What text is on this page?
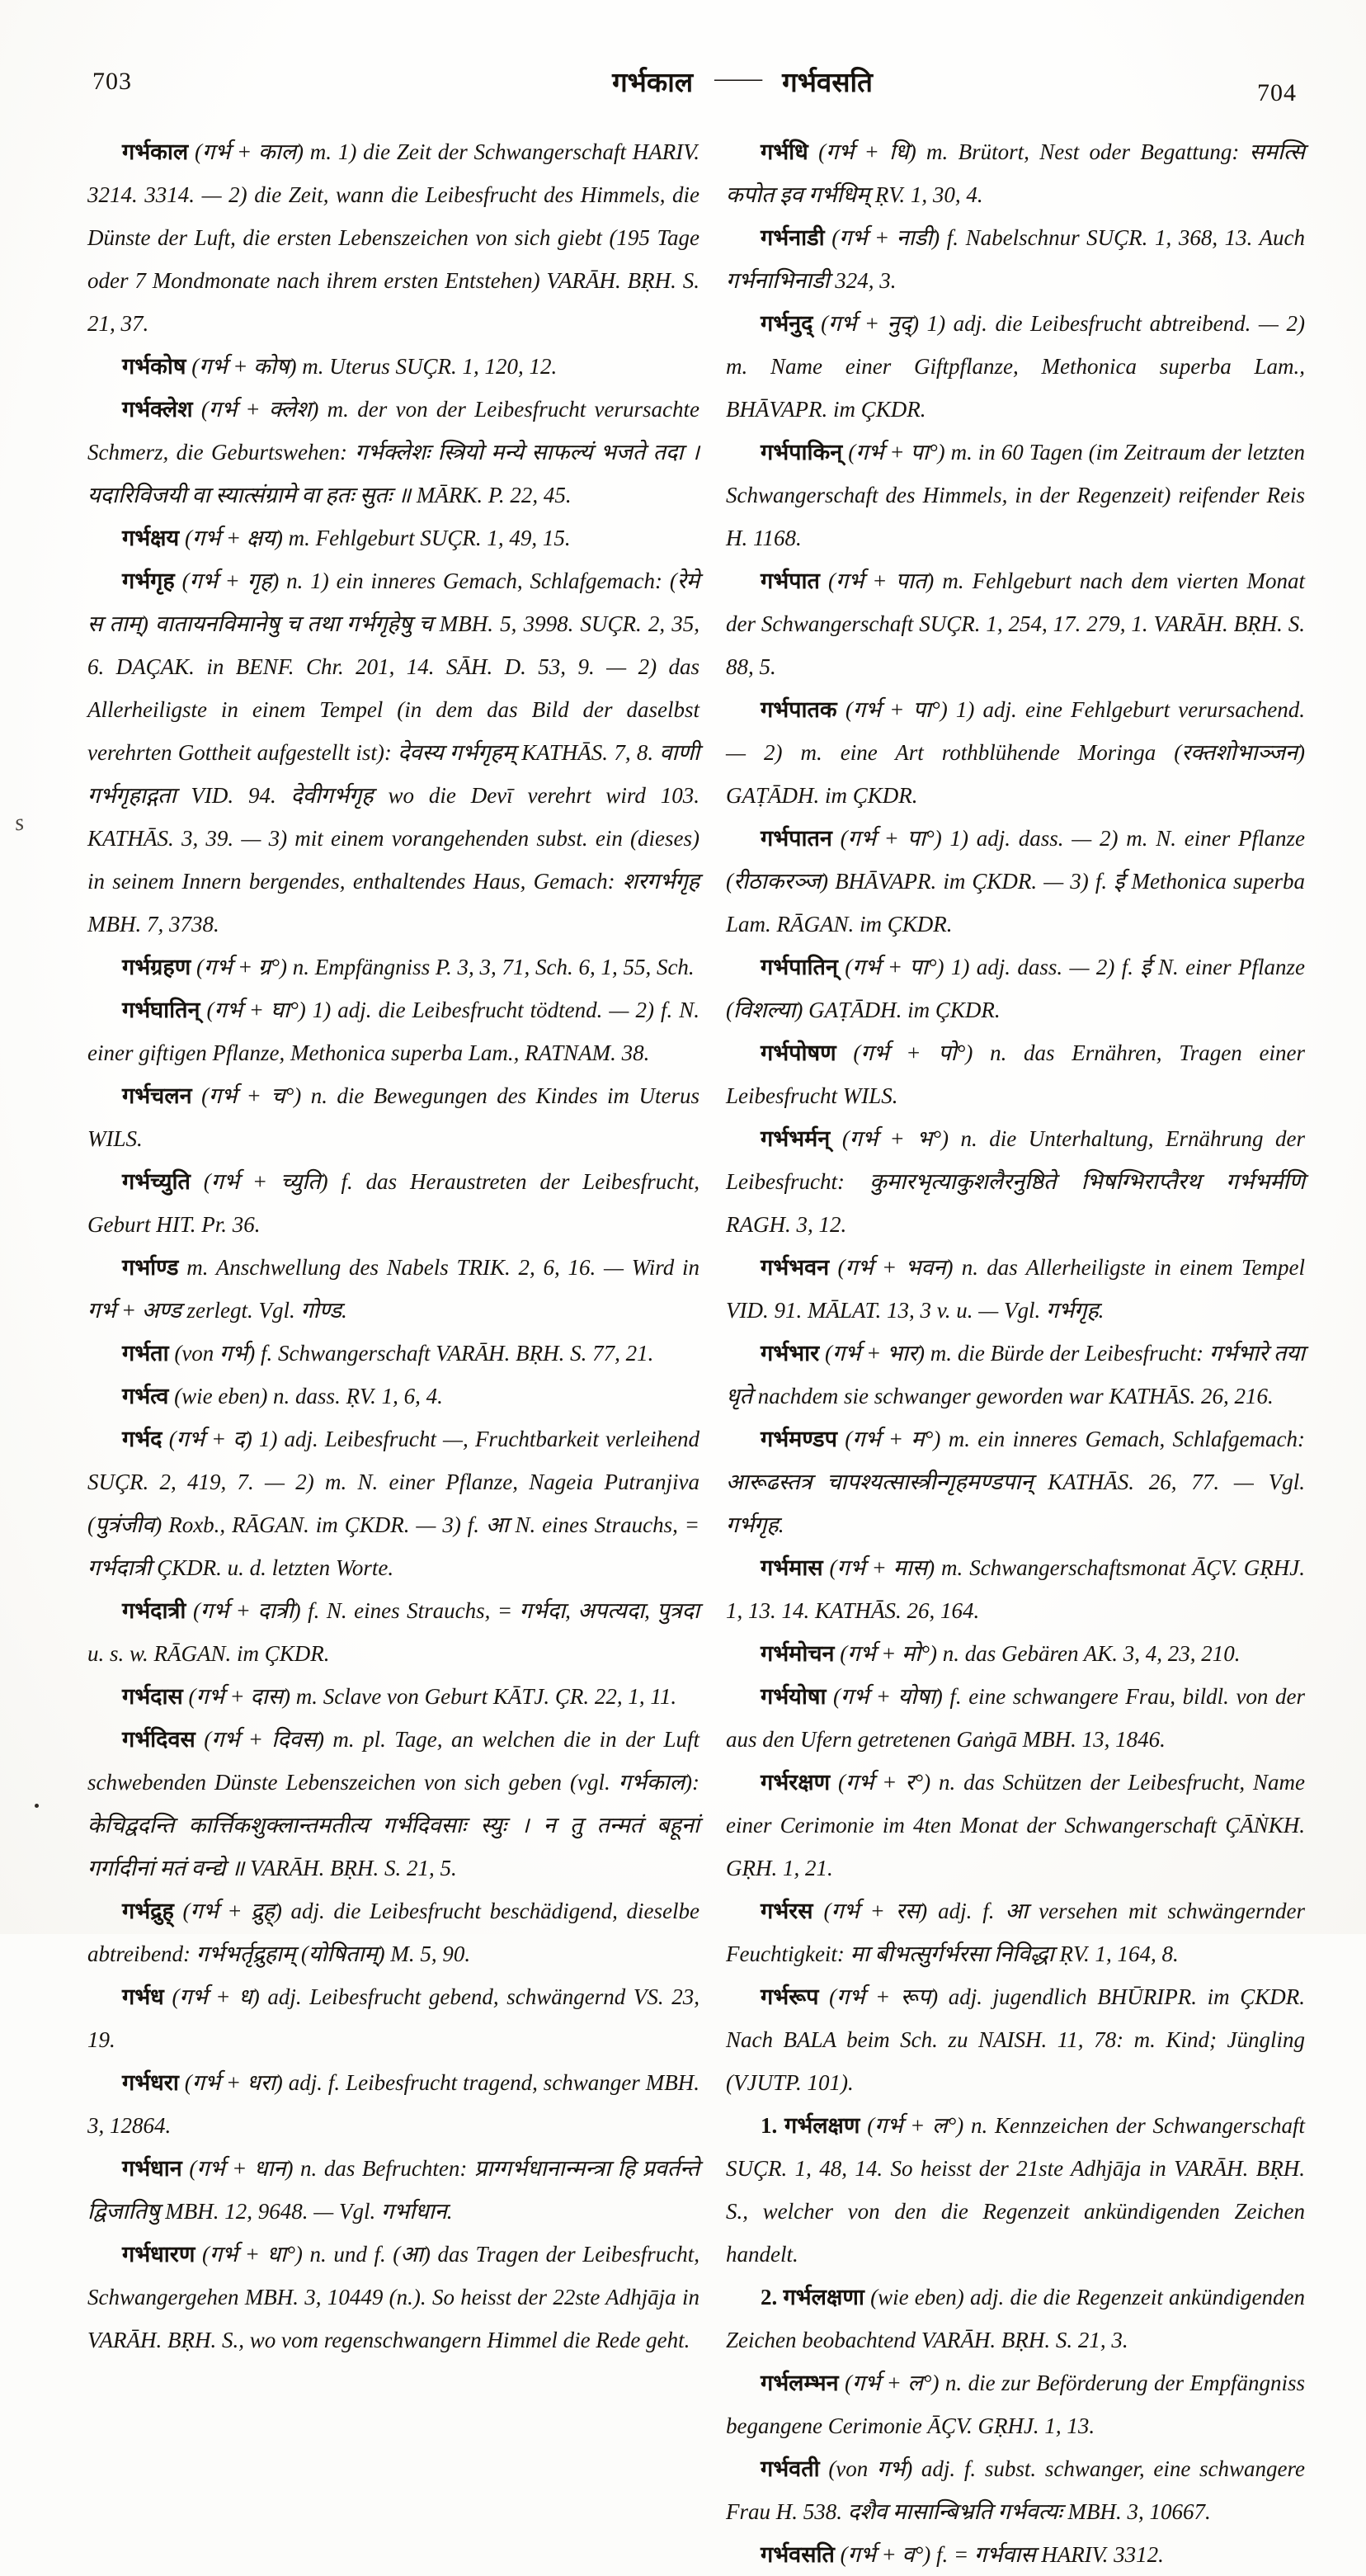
703	गर्भकाल —— गर्भवसति	704

गर्भकाल (गर्भ + काल) m. 1) die Zeit der Schwangerschaft HARIV. 3214. 3314. — 2) die Zeit, wann die Leibesfrucht des Himmels, die Dünste der Luft, die ersten Lebenszeichen von sich giebt (195 Tage oder 7 Mondmonate nach ihrem ersten Entstehen) VARĀH. BṚH. S. 21, 37.

गर्भकोष (गर्भ + कोष) m. Uterus SUÇR. 1, 120, 12.

गर्भक्लेश (गर्भ + क्लेश) m. der von der Leibesfrucht verursachte Schmerz, die Geburtswehen: गर्भक्लेशः स्त्रियो मन्ये साफल्यं भजते तदा । यदारिविजयी वा स्यात्संग्रामे वा हतः सुतः ॥ MĀRK. P. 22, 45.

गर्भक्षय (गर्भ + क्षय) m. Fehlgeburt SUÇR. 1, 49, 15.

गर्भगृह (गर्भ + गृह) n. 1) ein inneres Gemach, Schlafgemach: (रेमे स ताम्) वातायनविमानेषु च तथा गर्भगृहेषु च MBH. 5, 3998. SUÇR. 2, 35, 6. DAÇAK. in BENF. Chr. 201, 14. SĀH. D. 53, 9. — 2) das Allerheiligste in einem Tempel (in dem das Bild der daselbst verehrten Gottheit aufgestellt ist): देवस्य गर्भगृहम् KATHĀS. 7, 8. वाणी गर्भगृहाद्गता VID. 94. देवीगर्भगृह wo die Devī verehrt wird 103. KATHĀS. 3, 39. — 3) mit einem vorangehenden subst. ein (dieses) in seinem Innern bergendes, enthaltendes Haus, Gemach: शरगर्भगृह MBH. 7, 3738.

गर्भग्रहण (गर्भ + ग्र°) n. Empfängniss P. 3, 3, 71, Sch. 6, 1, 55, Sch.

गर्भघातिन् (गर्भ + घा°) 1) adj. die Leibesfrucht tödtend. — 2) f. N. einer giftigen Pflanze, Methonica superba Lam., RATNAM. 38.

गर्भचलन (गर्भ + च°) n. die Bewegungen des Kindes im Uterus WILS.

गर्भच्युति (गर्भ + च्युति) f. das Heraustreten der Leibesfrucht, Geburt HIT. Pr. 36.

गर्भाण्ड m. Anschwellung des Nabels TRIK. 2, 6, 16. — Wird in गर्भ + अण्ड zerlegt. Vgl. गोण्ड.

गर्भता (von गर्भ) f. Schwangerschaft VARĀH. BṚH. S. 77, 21.

गर्भत्व (wie eben) n. dass. ṚV. 1, 6, 4.

गर्भद (गर्भ + द) 1) adj. Leibesfrucht —, Fruchtbarkeit verleihend SUÇR. 2, 419, 7. — 2) m. N. einer Pflanze, Nageia Putranjiva (पुत्रंजीव) Roxb., RĀGAN. im ÇKDR. — 3) f. आ N. eines Strauchs, = गर्भदात्री ÇKDR. u. d. letzten Worte.

गर्भदात्री (गर्भ + दात्री) f. N. eines Strauchs, = गर्भदा, अपत्यदा, पुत्रदा u. s. w. RĀGAN. im ÇKDR.

गर्भदास (गर्भ + दास) m. Sclave von Geburt KĀTJ. ÇR. 22, 1, 11.

गर्भदिवस (गर्भ + दिवस) m. pl. Tage, an welchen die in der Luft schwebenden Dünste Lebenszeichen von sich geben (vgl. गर्भकाल): केचिद्वदन्ति कार्त्तिकशुक्लान्तमतीत्य गर्भदिवसाः स्युः । न तु तन्मतं बहूनां गर्गादीनां मतं वन्द्ये ॥ VARĀH. BṚH. S. 21, 5.

गर्भद्रुह् (गर्भ + द्रुह्) adj. die Leibesfrucht beschädigend, dieselbe abtreibend: गर्भभर्तृद्रुहाम् (योषिताम्) M. 5, 90.

गर्भध (गर्भ + ध) adj. Leibesfrucht gebend, schwängernd VS. 23, 19.

गर्भधरा (गर्भ + धरा) adj. f. Leibesfrucht tragend, schwanger MBH. 3, 12864.

गर्भधान (गर्भ + धान) n. das Befruchten: प्राग्गर्भधानान्मन्त्रा हि प्रवर्तन्ते द्विजातिषु MBH. 12, 9648. — Vgl. गर्भाधान.

गर्भधारण (गर्भ + धा°) n. und f. (आ) das Tragen der Leibesfrucht, Schwangergehen MBH. 3, 10449 (n.). So heisst der 22ste Adhjāja in VARĀH. BṚH. S., wo vom regenschwangern Himmel die Rede geht.

गर्भधि (गर्भ + धि) m. Brütort, Nest oder Begattung: समत्सि कपोत इव गर्भधिम् ṚV. 1, 30, 4.

गर्भनाडी (गर्भ + नाडी) f. Nabelschnur SUÇR. 1, 368, 13. Auch गर्भनाभिनाडी 324, 3.

गर्भनुद् (गर्भ + नुद्) 1) adj. die Leibesfrucht abtreibend. — 2) m. Name einer Giftpflanze, Methonica superba Lam., BHĀVAPR. im ÇKDR.

गर्भपाकिन् (गर्भ + पा°) m. in 60 Tagen (im Zeitraum der letzten Schwangerschaft des Himmels, in der Regenzeit) reifender Reis H. 1168.

गर्भपात (गर्भ + पात) m. Fehlgeburt nach dem vierten Monat der Schwangerschaft SUÇR. 1, 254, 17. 279, 1. VARĀH. BṚH. S. 88, 5.

गर्भपातक (गर्भ + पा°) 1) adj. eine Fehlgeburt verursachend. — 2) m. eine Art rothblühende Moringa (रक्तशोभाञ्जन) GAṬĀDH. im ÇKDR.

गर्भपातन (गर्भ + पा°) 1) adj. dass. — 2) m. N. einer Pflanze (रीठाकरञ्ज) BHĀVAPR. im ÇKDR. — 3) f. ई Methonica superba Lam. RĀGAN. im ÇKDR.

गर्भपातिन् (गर्भ + पा°) 1) adj. dass. — 2) f. ई N. einer Pflanze (विशल्या) GAṬĀDH. im ÇKDR.

गर्भपोषण (गर्भ + पो°) n. das Ernähren, Tragen einer Leibesfrucht WILS.

गर्भभर्मन् (गर्भ + भ°) n. die Unterhaltung, Ernährung der Leibesfrucht: कुमारभृत्याकुशलैरनुष्ठिते भिषग्भिराप्तैरथ गर्भभर्मणि RAGH. 3, 12.

गर्भभवन (गर्भ + भवन) n. das Allerheiligste in einem Tempel VID. 91. MĀLAT. 13, 3 v. u. — Vgl. गर्भगृह.

गर्भभार (गर्भ + भार) m. die Bürde der Leibesfrucht: गर्भभारे तया धृते nachdem sie schwanger geworden war KATHĀS. 26, 216.

गर्भमण्डप (गर्भ + म°) m. ein inneres Gemach, Schlafgemach: आरूढस्तत्र चापश्यत्सास्त्रीन्गृहमण्डपान् KATHĀS. 26, 77. — Vgl. गर्भगृह.

गर्भमास (गर्भ + मास) m. Schwangerschaftsmonat ĀÇV. GṚHJ. 1, 13. 14. KATHĀS. 26, 164.

गर्भमोचन (गर्भ + मो°) n. das Gebären AK. 3, 4, 23, 210.

गर्भयोषा (गर्भ + योषा) f. eine schwangere Frau, bildl. von der aus den Ufern getretenen Gaṅgā MBH. 13, 1846.

गर्भरक्षण (गर्भ + र°) n. das Schützen der Leibesfrucht, Name einer Cerimonie im 4ten Monat der Schwangerschaft ÇĀṄKH. GṚH. 1, 21.

गर्भरस (गर्भ + रस) adj. f. आ versehen mit schwängernder Feuchtigkeit: मा बीभत्सुर्गर्भरसा निविद्धा ṚV. 1, 164, 8.

गर्भरूप (गर्भ + रूप) adj. jugendlich BHŪRIPR. im ÇKDR. Nach BALA beim Sch. zu NAISH. 11, 78: m. Kind; Jüngling (VJUTP. 101).

1. गर्भलक्षण (गर्भ + ल°) n. Kennzeichen der Schwangerschaft SUÇR. 1, 48, 14. So heisst der 21ste Adhjāja in VARĀH. BṚH. S., welcher von den die Regenzeit ankündigenden Zeichen handelt.

2. गर्भलक्षणा (wie eben) adj. die die Regenzeit ankündigenden Zeichen beobachtend VARĀH. BṚH. S. 21, 3.

गर्भलम्भन (गर्भ + ल°) n. die zur Beförderung der Empfängniss begangene Cerimonie ĀÇV. GṚHJ. 1, 13.

गर्भवती (von गर्भ) adj. f. subst. schwanger, eine schwangere Frau H. 538. दशैव मासान्बिभ्रति गर्भवत्यः MBH. 3, 10667.

गर्भवसति (गर्भ + व°) f. = गर्भवास HARIV. 3312.

s
